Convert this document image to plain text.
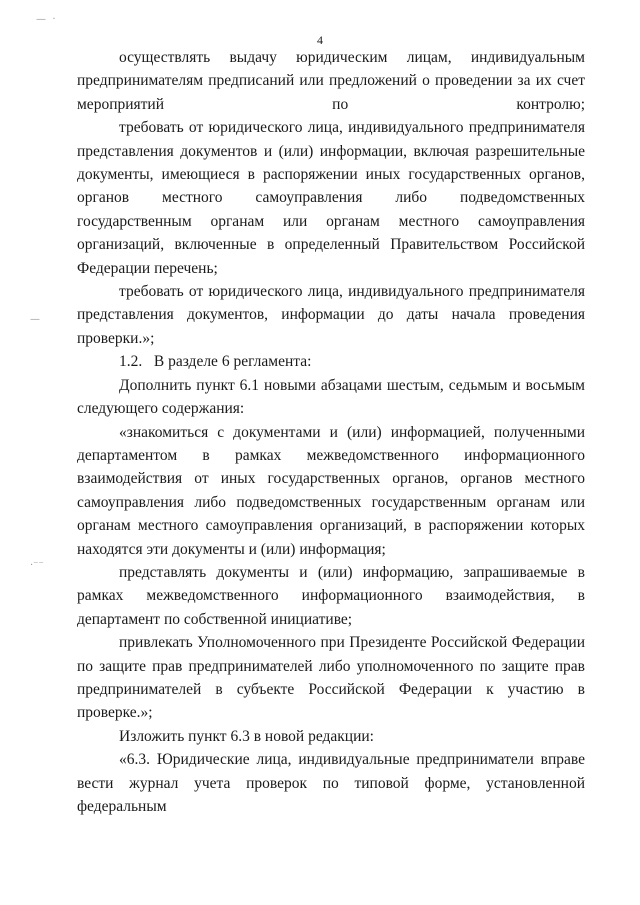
—  ·
—
·⁻⁻
4

осуществлять выдачу юридическим лицам, индивидуальным предпринимателям предписаний или предложений о проведении за их счет мероприятий по контролю;

требовать от юридического лица, индивидуального предпринимателя представления документов и (или) информации, включая разрешительные документы, имеющиеся в распоряжении иных государственных органов, органов местного самоуправления либо подведомственных государственным органам или органам местного самоуправления организаций, включенные в определенный Правительством Российской Федерации перечень;

требовать от юридического лица, индивидуального предпринимателя представления документов, информации до даты начала проведения проверки.»;

1.2.   В разделе 6 регламента:

Дополнить пункт 6.1 новыми абзацами шестым, седьмым и восьмым следующего содержания:

«знакомиться с документами и (или) информацией, полученными департаментом в рамках межведомственного информационного взаимодействия от иных государственных органов, органов местного самоуправления либо подведомственных государственным органам или органам местного самоуправления организаций, в распоряжении которых находятся эти документы и (или) информация;

представлять документы и (или) информацию, запрашиваемые в рамках межведомственного информационного взаимодействия, в департамент по собственной инициативе;

привлекать Уполномоченного при Президенте Российской Федерации по защите прав предпринимателей либо уполномоченного по защите прав предпринимателей в субъекте Российской Федерации к участию в проверке.»;

Изложить пункт 6.3 в новой редакции:

«6.3. Юридические лица, индивидуальные предприниматели вправе вести журнал учета проверок по типовой форме, установленной федеральным
